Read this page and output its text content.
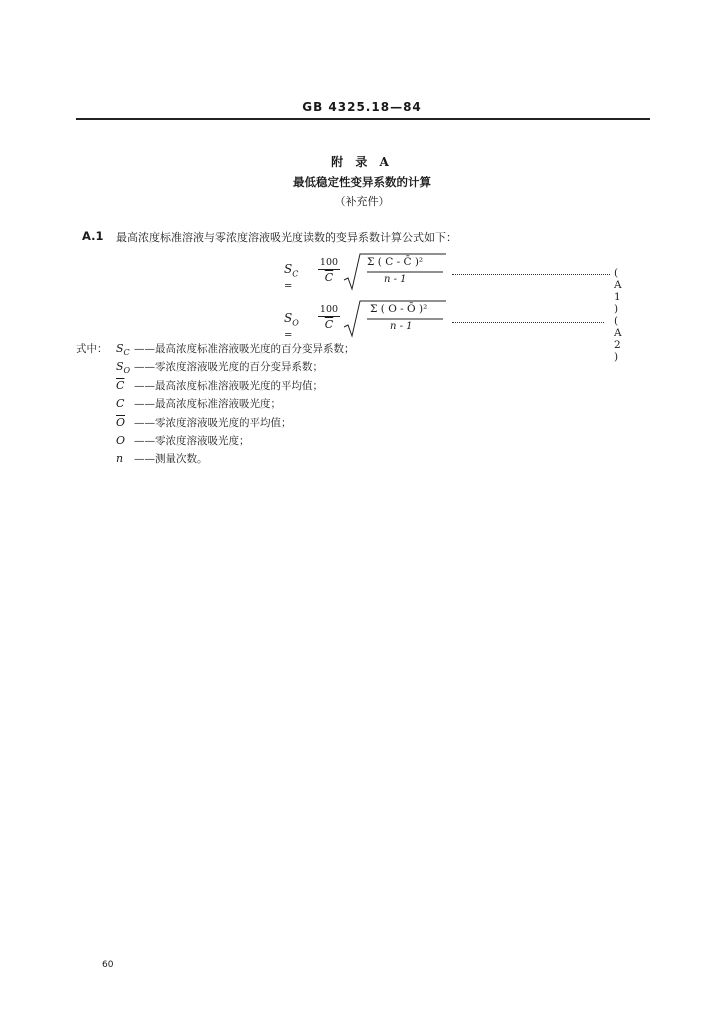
GB 4325.18—84
附 录 A
最低稳定性变异系数的计算
（补充件）
A.1 最高浓度标准溶液与零浓度溶液吸光度读数的变异系数计算公式如下：
$S_C$ =
$\frac{100}{C}$	Σ ( C - C̄ )²
n - 1
( A 1 )
$S_O$ =
$\frac{100}{C}$	Σ ( O - Ō )²
n - 1	( A 2 )
式中： $S_C$ ——最高浓度标准溶液吸光度的百分变异系数；
$S_O$ ——零浓度溶液吸光度的百分变异系数；
$\overline{C}$ ——最高浓度标准溶液吸光度的平均值；
C ——最高浓度标准溶液吸光度；
$\overline{O}$ ——零浓度溶液吸光度的平均值；
O ——零浓度溶液吸光度；
n ——测量次数。
60
